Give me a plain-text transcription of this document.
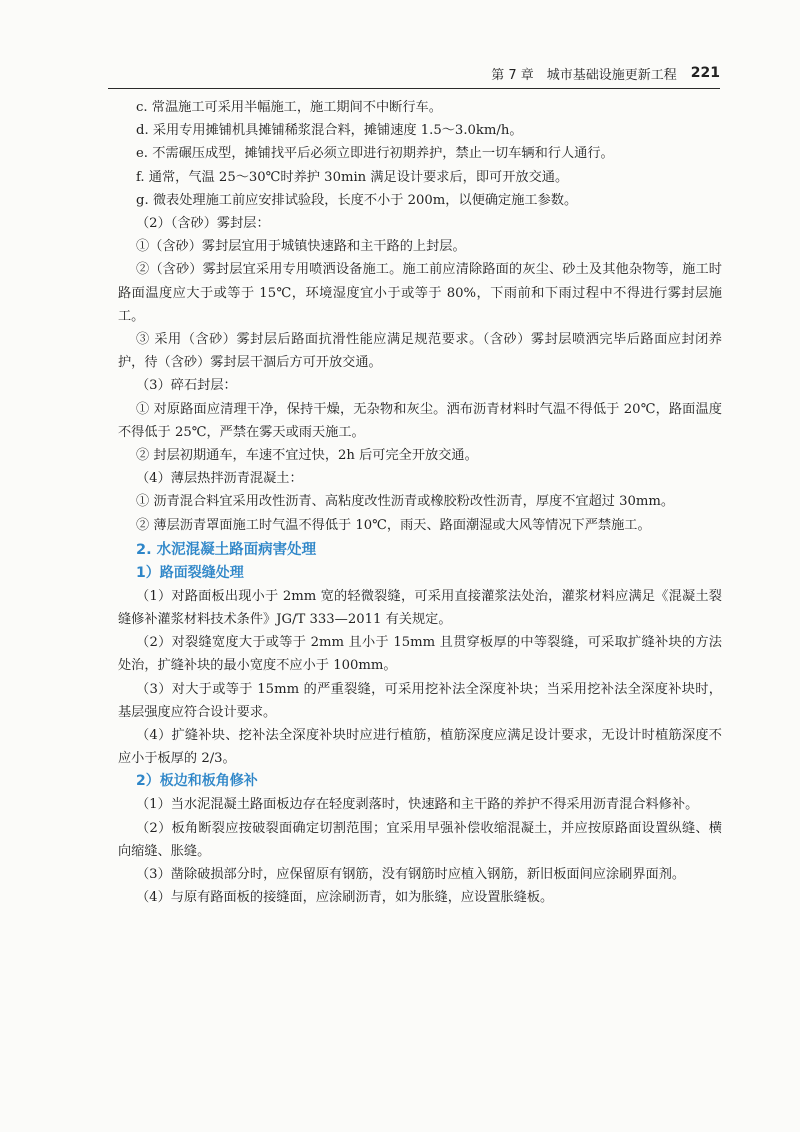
第 7 章　城市基础设施更新工程 221

c. 常温施工可采用半幅施工，施工期间不中断行车。

d. 采用专用摊铺机具摊铺稀浆混合料，摊铺速度 1.5～3.0km/h。

e. 不需碾压成型，摊铺找平后必须立即进行初期养护，禁止一切车辆和行人通行。

f. 通常，气温 25～30℃时养护 30min 满足设计要求后，即可开放交通。

g. 微表处理施工前应安排试验段，长度不小于 200m，以便确定施工参数。

（2）（含砂）雾封层：

①（含砂）雾封层宜用于城镇快速路和主干路的上封层。

②（含砂）雾封层宜采用专用喷洒设备施工。施工前应清除路面的灰尘、砂土及其他杂物等，施工时路面温度应大于或等于 15℃，环境湿度宜小于或等于 80%，下雨前和下雨过程中不得进行雾封层施工。

③ 采用（含砂）雾封层后路面抗滑性能应满足规范要求。（含砂）雾封层喷洒完毕后路面应封闭养护，待（含砂）雾封层干涸后方可开放交通。

（3）碎石封层：

① 对原路面应清理干净，保持干燥，无杂物和灰尘。洒布沥青材料时气温不得低于 20℃，路面温度不得低于 25℃，严禁在雾天或雨天施工。

② 封层初期通车，车速不宜过快，2h 后可完全开放交通。

（4）薄层热拌沥青混凝土：

① 沥青混合料宜采用改性沥青、高粘度改性沥青或橡胶粉改性沥青，厚度不宜超过 30mm。

② 薄层沥青罩面施工时气温不得低于 10℃，雨天、路面潮湿或大风等情况下严禁施工。

2. 水泥混凝土路面病害处理
1）路面裂缝处理

（1）对路面板出现小于 2mm 宽的轻微裂缝，可采用直接灌浆法处治，灌浆材料应满足《混凝土裂缝修补灌浆材料技术条件》JG/T 333—2011 有关规定。

（2）对裂缝宽度大于或等于 2mm 且小于 15mm 且贯穿板厚的中等裂缝，可采取扩缝补块的方法处治，扩缝补块的最小宽度不应小于 100mm。

（3）对大于或等于 15mm 的严重裂缝，可采用挖补法全深度补块；当采用挖补法全深度补块时，基层强度应符合设计要求。

（4）扩缝补块、挖补法全深度补块时应进行植筋，植筋深度应满足设计要求，无设计时植筋深度不应小于板厚的 2/3。

2）板边和板角修补

（1）当水泥混凝土路面板边存在轻度剥落时，快速路和主干路的养护不得采用沥青混合料修补。

（2）板角断裂应按破裂面确定切割范围；宜采用早强补偿收缩混凝土，并应按原路面设置纵缝、横向缩缝、胀缝。

（3）凿除破损部分时，应保留原有钢筋，没有钢筋时应植入钢筋，新旧板面间应涂刷界面剂。

（4）与原有路面板的接缝面，应涂刷沥青，如为胀缝，应设置胀缝板。
